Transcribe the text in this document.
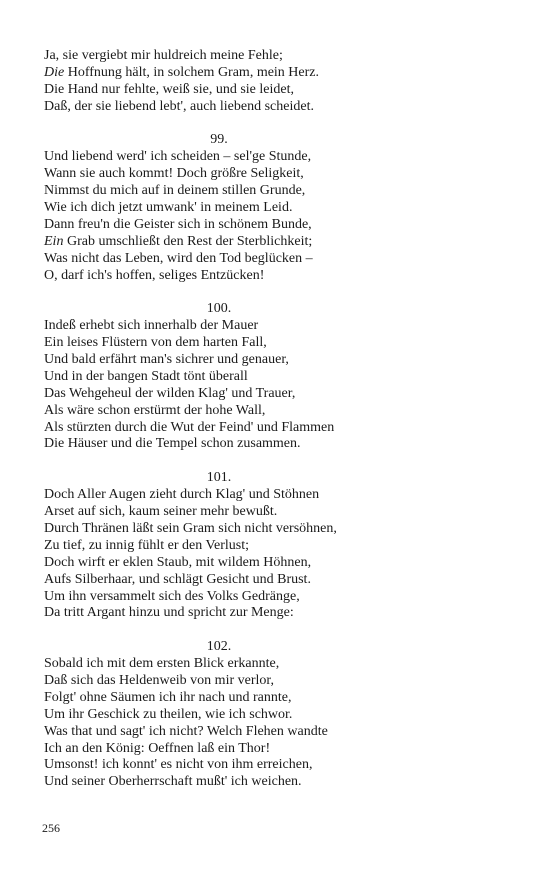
Ja, sie vergiebt mir huldreich meine Fehle;
Die Hoffnung hält, in solchem Gram, mein Herz.
Die Hand nur fehlte, weiß sie, und sie leidet,
Daß, der sie liebend lebt', auch liebend scheidet.
99.
Und liebend werd' ich scheiden – sel'ge Stunde,
Wann sie auch kommt! Doch größre Seligkeit,
Nimmst du mich auf in deinem stillen Grunde,
Wie ich dich jetzt umwank' in meinem Leid.
Dann freu'n die Geister sich in schönem Bunde,
Ein Grab umschließt den Rest der Sterblichkeit;
Was nicht das Leben, wird den Tod beglücken –
O, darf ich's hoffen, seliges Entzücken!
100.
Indeß erhebt sich innerhalb der Mauer
Ein leises Flüstern von dem harten Fall,
Und bald erfährt man's sichrer und genauer,
Und in der bangen Stadt tönt überall
Das Wehgeheul der wilden Klag' und Trauer,
Als wäre schon erstürmt der hohe Wall,
Als stürzten durch die Wut der Feind' und Flammen
Die Häuser und die Tempel schon zusammen.
101.
Doch Aller Augen zieht durch Klag' und Stöhnen
Arset auf sich, kaum seiner mehr bewußt.
Durch Thränen läßt sein Gram sich nicht versöhnen,
Zu tief, zu innig fühlt er den Verlust;
Doch wirft er eklen Staub, mit wildem Höhnen,
Aufs Silberhaar, und schlägt Gesicht und Brust.
Um ihn versammelt sich des Volks Gedränge,
Da tritt Argant hinzu und spricht zur Menge:
102.
Sobald ich mit dem ersten Blick erkannte,
Daß sich das Heldenweib von mir verlor,
Folgt' ohne Säumen ich ihr nach und rannte,
Um ihr Geschick zu theilen, wie ich schwor.
Was that und sagt' ich nicht? Welch Flehen wandte
Ich an den König: Oeffnen laß ein Thor!
Umsonst! ich konnt' es nicht von ihm erreichen,
Und seiner Oberherrschaft mußt' ich weichen.
256
